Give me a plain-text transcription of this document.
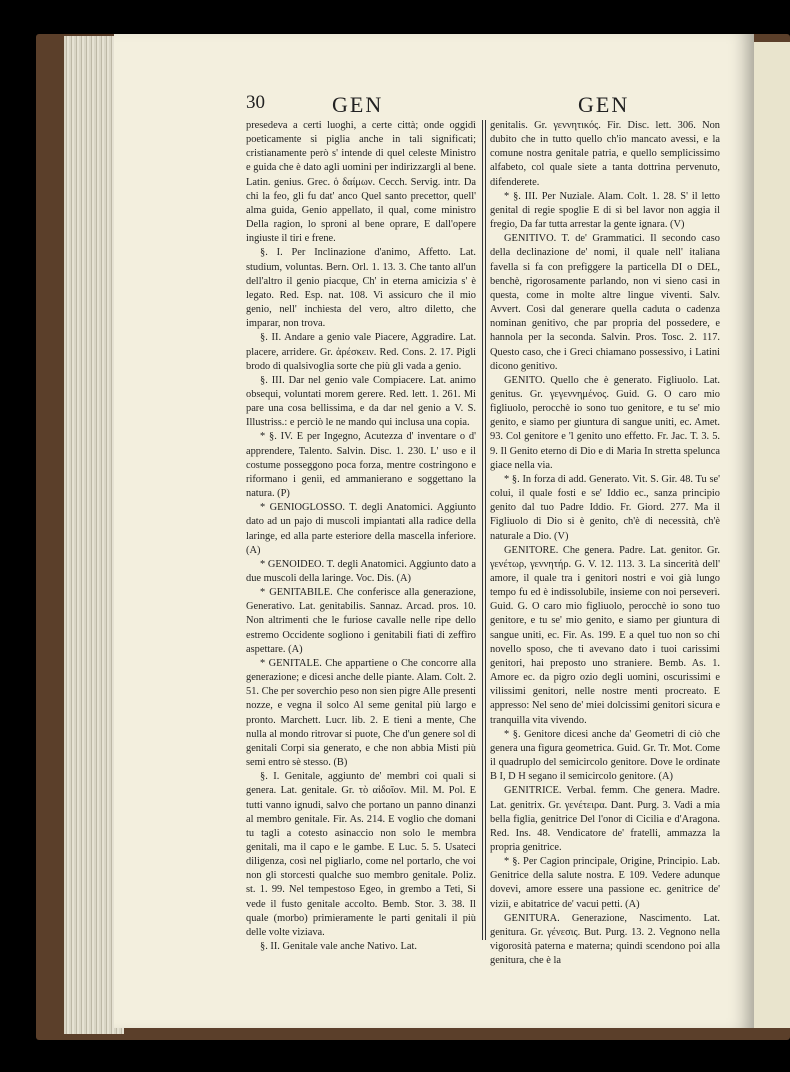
30	GEN	GEN

presedeva a certi luoghi, a certe città; onde oggidì poeticamente si piglia anche in tali significati; cristianamente però s' intende di quel celeste Ministro e guida che è dato agli uomini per indirizzargli al bene. Latin. genius. Grec. ὁ δαίμων. Cecch. Servig. intr. Da chi la feo, gli fu dat' anco Quel santo precettor, quell' alma guida, Genio appellato, il qual, come ministro Della ragion, lo sproni al bene oprare, E dall'opere ingiuste il tiri e frene.

§. I. Per Inclinazione d'animo, Affetto. Lat. studium, voluntas. Bern. Orl. 1. 13. 3. Che tanto all'un dell'altro il genio piacque, Ch' in eterna amicizia s' è legato. Red. Esp. nat. 108. Vi assicuro che il mio genio, nell' inchiesta del vero, altro diletto, che imparar, non trova.

§. II. Andare a genio vale Piacere, Aggradire. Lat. placere, arridere. Gr. ἀρέσκειν. Red. Cons. 2. 17. Pigli brodo di qualsivoglia sorte che più gli vada a genio.

§. III. Dar nel genio vale Compiacere. Lat. animo obsequi, voluntati morem gerere. Red. lett. 1. 261. Mi pare una cosa bellissima, e da dar nel genio a V. S. Illustriss.: e perciò le ne mando qui inclusa una copia.

* §. IV. E per Ingegno, Acutezza d' inventare o d' apprendere, Talento. Salvin. Disc. 1. 230. L' uso e il costume posseggono poca forza, mentre costringono e riformano i genii, ed ammanierano e soggettano la natura. (P)

* GENIOGLOSSO. T. degli Anatomici. Aggiunto dato ad un pajo di muscoli impiantati alla radice della laringe, ed alla parte esteriore della mascella inferiore. (A)

* GENOIDEO. T. degli Anatomici. Aggiunto dato a due muscoli della laringe. Voc. Dis. (A)

* GENITABILE. Che conferisce alla generazione, Generativo. Lat. genitabilis. Sannaz. Arcad. pros. 10. Non altrimenti che le furiose cavalle nelle ripe dello estremo Occidente sogliono i genitabili fiati di zeffiro aspettare. (A)

* GENITALE. Che appartiene o Che concorre alla generazione; e dicesi anche delle piante. Alam. Colt. 2. 51. Che per soverchio peso non sien pigre Alle presenti nozze, e vegna il solco Al seme genital più largo e pronto. Marchett. Lucr. lib. 2. E tieni a mente, Che nulla al mondo ritrovar si puote, Che d'un genere sol di genitali Corpi sia generato, e che non abbia Misti più semi entro sè stesso. (B)

§. I. Genitale, aggiunto de' membri coi quali si genera. Lat. genitale. Gr. τὸ αἰδοῖον. Mil. M. Pol. E tutti vanno ignudi, salvo che portano un panno dinanzi al membro genitale. Fir. As. 214. E voglio che domani tu tagli a cotesto asinaccio non solo le membra genitali, ma il capo e le gambe. E Luc. 5. 5. Usateci diligenza, così nel pigliarlo, come nel portarlo, che voi non gli storcesti qualche suo membro genitale. Poliz. st. 1. 99. Nel tempestoso Egeo, in grembo a Teti, Si vede il fusto genitale accolto. Bemb. Stor. 3. 38. Il quale (morbo) primieramente le parti genitali il più delle volte viziava.

§. II. Genitale vale anche Nativo. Lat.

genitalis. Gr. γεννητικός. Fir. Disc. lett. 306. Non dubito che in tutto quello ch'io mancato avessi, e la comune nostra genitale patria, e quello semplicissimo alfabeto, col quale siete a tanta dottrina pervenuto, difenderete.

* §. III. Per Nuziale. Alam. Colt. 1. 28. S' il letto genital di regie spoglie E di sì bel lavor non aggia il fregio, Da far tutta arrestar la gente ignara. (V)

GENITIVO. T. de' Grammatici. Il secondo caso della declinazione de' nomi, il quale nell' italiana favella si fa con prefiggere la particella DI o DEL, benchè, rigorosamente parlando, non vi sieno casi in questa, come in molte altre lingue viventi. Salv. Avvert. Così dal generare quella caduta o cadenza nominan genitivo, che par propria del possedere, e hannola per la seconda. Salvin. Pros. Tosc. 2. 117. Questo caso, che i Greci chiamano possessivo, i Latini dicono genitivo.

GENITO. Quello che è generato. Figliuolo. Lat. genitus. Gr. γεγεννημένος. Guid. G. O caro mio figliuolo, perocchè io sono tuo genitore, e tu se' mio genito, e siamo per giuntura di sangue uniti, ec. Amet. 93. Col genitore e 'l genito uno effetto. Fr. Jac. T. 3. 5. 9. Il Genito eterno di Dio e di Maria In stretta spelunca giace nella via.

* §. In forza di add. Generato. Vit. S. Gir. 48. Tu se' colui, il quale fosti e se' Iddio ec., sanza principio genito dal tuo Padre Iddio. Fr. Giord. 277. Ma il Figliuolo di Dio si è genito, ch'è di necessità, ch'è naturale a Dio. (V)

GENITORE. Che genera. Padre. Lat. genitor. Gr. γενέτωρ, γεννητήρ. G. V. 12. 113. 3. La sincerità dell' amore, il quale tra i genitori nostri e voi già lungo tempo fu ed è indissolubile, insieme con noi perseveri. Guid. G. O caro mio figliuolo, perocchè io sono tuo genitore, e tu se' mio genito, e siamo per giuntura di sangue uniti, ec. Fir. As. 199. E a quel tuo non so chi novello sposo, che ti avevano dato i tuoi carissimi genitori, hai preposto uno straniere. Bemb. As. 1. Amore ec. da pigro ozio degli uomini, oscurissimi e vilissimi genitori, nelle nostre menti procreato. E appresso: Nel seno de' miei dolcissimi genitori sicura e tranquilla vita vivendo.

* §. Genitore dicesi anche da' Geometri di ciò che genera una figura geometrica. Guid. Gr. Tr. Mot. Come il quadruplo del semicircolo genitore. Dove le ordinate B I, D H segano il semicircolo genitore. (A)

GENITRICE. Verbal. femm. Che genera. Madre. Lat. genitrix. Gr. γενέτειρα. Dant. Purg. 3. Vadi a mia bella figlia, genitrice Del l'onor di Cicilia e d'Aragona. Red. Ins. 48. Vendicatore de' fratelli, ammazza la propria genitrice.

* §. Per Cagion principale, Origine, Principio. Lab. Genitrice della salute nostra. E 109. Vedere adunque dovevi, amore essere una passione ec. genitrice de' vizii, e abitatrice de' vacui petti. (A)

GENITURA. Generazione, Nascimento. Lat. genitura. Gr. γένεσις. But. Purg. 13. 2. Vegnono nella vigorosità paterna e materna; quindi scendono poi alla genitura, che è la
